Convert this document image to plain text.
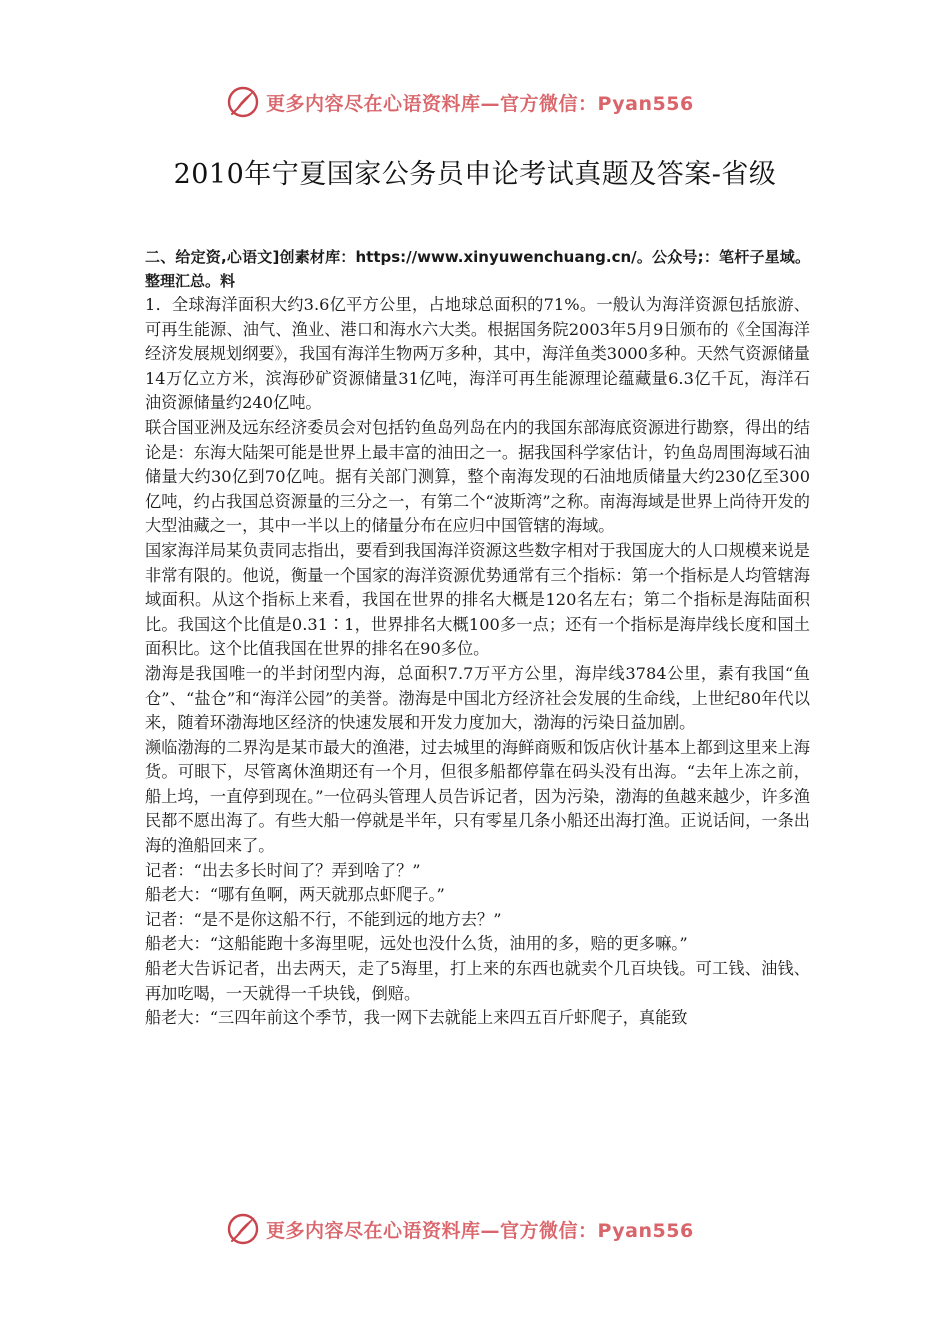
更多内容尽在心语资料库—官方微信：Pyan556
2010年宁夏国家公务员申论考试真题及答案-省级

二、给定资,心语文]创素材库：https://www.xinyuwenchuang.cn/。公众号;：笔杆子星域。整理汇总。料

1．全球海洋面积大约3.6亿平方公里，占地球总面积的71%。一般认为海洋资源包括旅游、可再生能源、油气、渔业、港口和海水六大类。根据国务院2003年5月9日颁布的《全国海洋经济发展规划纲要》，我国有海洋生物两万多种，其中，海洋鱼类3000多种。天然气资源储量14万亿立方米，滨海砂矿资源储量31亿吨，海洋可再生能源理论蕴藏量6.3亿千瓦，海洋石油资源储量约240亿吨。

联合国亚洲及远东经济委员会对包括钓鱼岛列岛在内的我国东部海底资源进行勘察，得出的结论是：东海大陆架可能是世界上最丰富的油田之一。据我国科学家估计，钓鱼岛周围海域石油储量大约30亿到70亿吨。据有关部门测算，整个南海发现的石油地质储量大约230亿至300亿吨，约占我国总资源量的三分之一，有第二个“波斯湾”之称。南海海域是世界上尚待开发的大型油藏之一，其中一半以上的储量分布在应归中国管辖的海域。

国家海洋局某负责同志指出，要看到我国海洋资源这些数字相对于我国庞大的人口规模来说是非常有限的。他说，衡量一个国家的海洋资源优势通常有三个指标：第一个指标是人均管辖海域面积。从这个指标上来看，我国在世界的排名大概是120名左右；第二个指标是海陆面积比。我国这个比值是0.31∶1，世界排名大概100多一点；还有一个指标是海岸线长度和国土面积比。这个比值我国在世界的排名在90多位。

渤海是我国唯一的半封闭型内海，总面积7.7万平方公里，海岸线3784公里，素有我国“鱼仓”、“盐仓”和“海洋公园”的美誉。渤海是中国北方经济社会发展的生命线，上世纪80年代以来，随着环渤海地区经济的快速发展和开发力度加大，渤海的污染日益加剧。

濒临渤海的二界沟是某市最大的渔港，过去城里的海鲜商贩和饭店伙计基本上都到这里来上海货。可眼下，尽管离休渔期还有一个月，但很多船都停靠在码头没有出海。“去年上冻之前，船上坞，一直停到现在。”一位码头管理人员告诉记者，因为污染，渤海的鱼越来越少，许多渔民都不愿出海了。有些大船一停就是半年，只有零星几条小船还出海打渔。正说话间，一条出海的渔船回来了。

记者：“出去多长时间了？弄到啥了？”

船老大：“哪有鱼啊，两天就那点虾爬子。”

记者：“是不是你这船不行，不能到远的地方去？”

船老大：“这船能跑十多海里呢，远处也没什么货，油用的多，赔的更多嘛。”

船老大告诉记者，出去两天，走了5海里，打上来的东西也就卖个几百块钱。可工钱、油钱、再加吃喝，一天就得一千块钱，倒赔。

船老大：“三四年前这个季节，我一网下去就能上来四五百斤虾爬子，真能致

更多内容尽在心语资料库—官方微信：Pyan556
